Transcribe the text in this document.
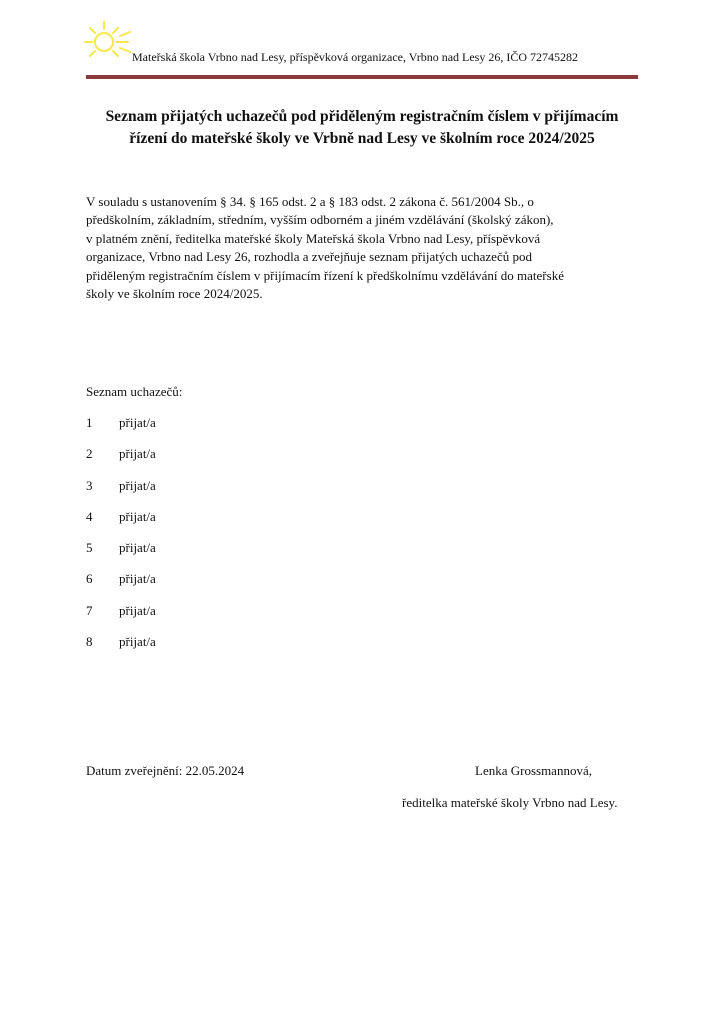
Mateřská škola Vrbno nad Lesy, příspěvková organizace, Vrbno nad Lesy 26, IČO 72745282
Seznam přijatých uchazečů pod přiděleným registračním číslem v přijímacím
řízení do mateřské školy ve Vrbně nad Lesy ve školním roce 2024/2025

V souladu s ustanovením § 34. § 165 odst. 2 a § 183 odst. 2 zákona č. 561/2004 Sb., o
předškolním, základním, středním, vyšším odborném a jiném vzdělávání (školský zákon),
v platném znění, ředitelka mateřské školy Mateřská škola Vrbno nad Lesy, příspěvková
organizace, Vrbno nad Lesy 26, rozhodla a zveřejňuje seznam přijatých uchazečů pod
přiděleným registračním číslem v přijímacím řízení k předškolnímu vzdělávání do mateřské
školy ve školním roce 2024/2025.

Seznam uchazečů:
1	přijat/a
2	přijat/a
3	přijat/a
4	přijat/a
5	přijat/a
6	přijat/a
7	přijat/a
8	přijat/a
Datum zveřejnění: 22.05.2024	Lenka Grossmannová,
ředitelka mateřské školy Vrbno nad Lesy.
